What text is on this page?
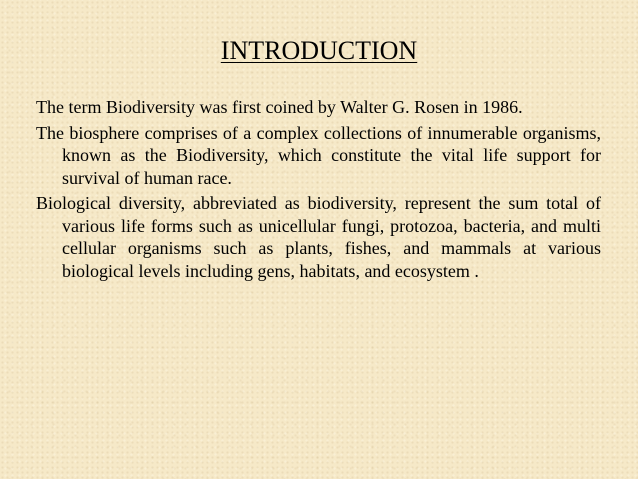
INTRODUCTION

The term Biodiversity was first coined by Walter G. Rosen in 1986.

The biosphere comprises of a complex collections of innumerable organisms, known as the Biodiversity, which constitute the vital life support for survival of human race.

Biological diversity, abbreviated as biodiversity, represent the sum total of various life forms such as unicellular fungi, protozoa, bacteria, and multi cellular organisms such as plants, fishes, and mammals at various biological levels including gens, habitats, and ecosystem .
